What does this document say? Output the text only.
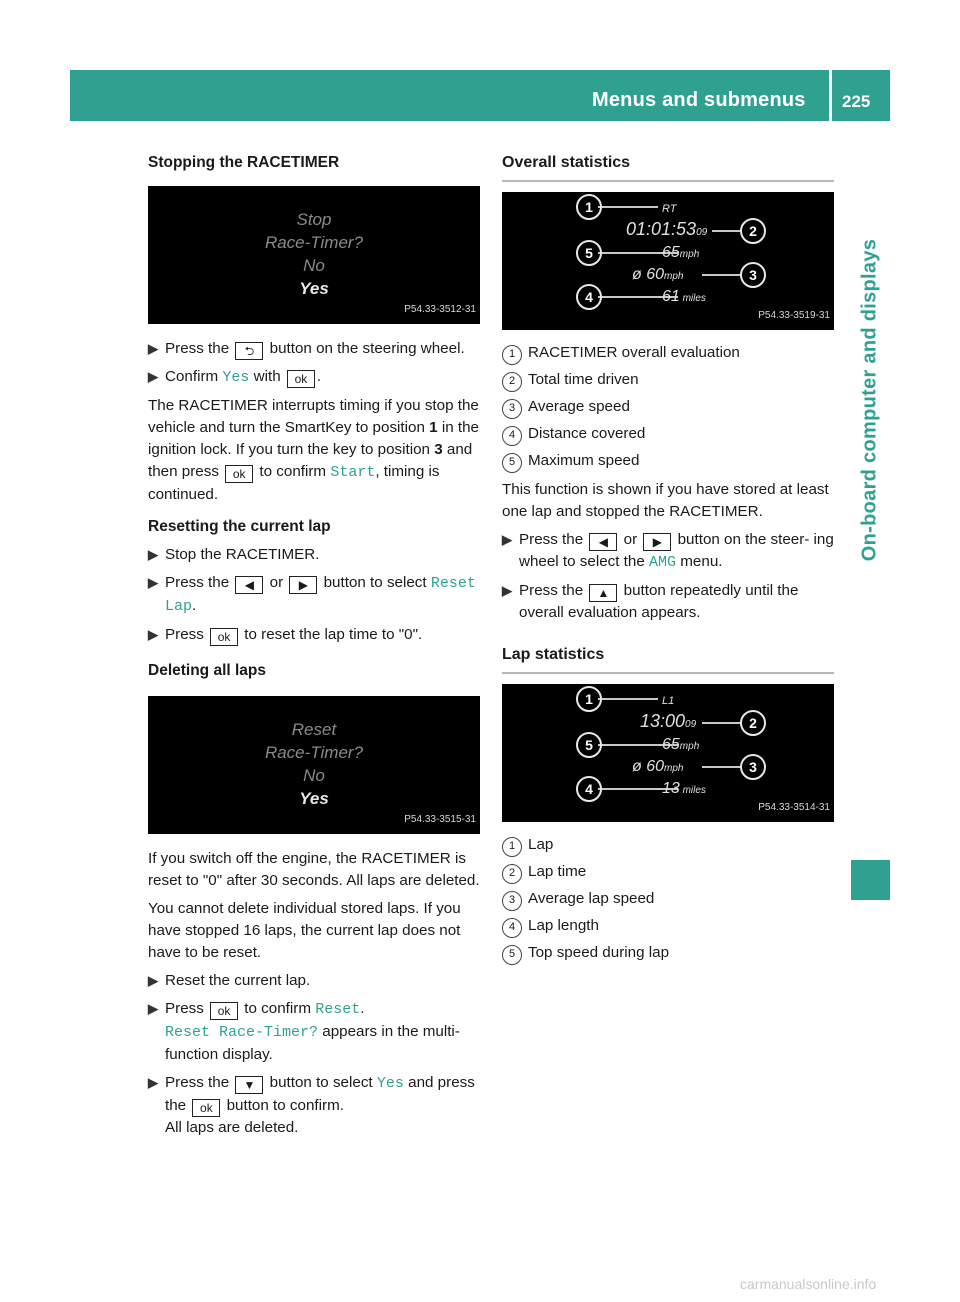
Menus and submenus 225
On-board computer and displays
Stopping the RACETIMER
Stop
Race-Timer?
No
Yes
P54.33-3512-31
▶ Press the ⮌ button on the steering wheel.
▶ Confirm Yes with ok .

The RACETIMER interrupts timing if you stop the vehicle and turn the SmartKey to position 1 in the ignition lock. If you turn the key to position 3 and then press ok to confirm Start, timing is continued.

Resetting the current lap
▶ Stop the RACETIMER.
▶ Press the ◀ or ▶ button to select Reset Lap.
▶ Press ok to reset the lap time to "0".
Deleting all laps
Reset
Race-Timer?
No
Yes
P54.33-3515-31

If you switch off the engine, the RACETIMER is reset to "0" after 30 seconds. All laps are deleted.

You cannot delete individual stored laps. If you have stopped 16 laps, the current lap does not have to be reset.

▶ Reset the current lap.
▶ Press ok to confirm Reset.
Reset Race-Timer? appears in the multi-function display.
▶ Press the ▼ button to select Yes and press the ok button to confirm.
All laps are deleted.
Overall statistics
1
2
5
3
4
RT
01:01:5309
65mph
ø 60mph
61 miles
P54.33-3519-31
1 RACETIMER overall evaluation
2 Total time driven
3 Average speed
4 Distance covered
5 Maximum speed

This function is shown if you have stored at least one lap and stopped the RACETIMER.

▶ Press the ◀ or ▶ button on the steer- ing wheel to select the AMG menu.
▶ Press the ▲ button repeatedly until the overall evaluation appears.
Lap statistics
1
2
5
3
4
L1
13:0009
65mph
ø 60mph
13 miles
P54.33-3514-31
1 Lap
2 Lap time
3 Average lap speed
4 Lap length
5 Top speed during lap
carmanualsonline.info
